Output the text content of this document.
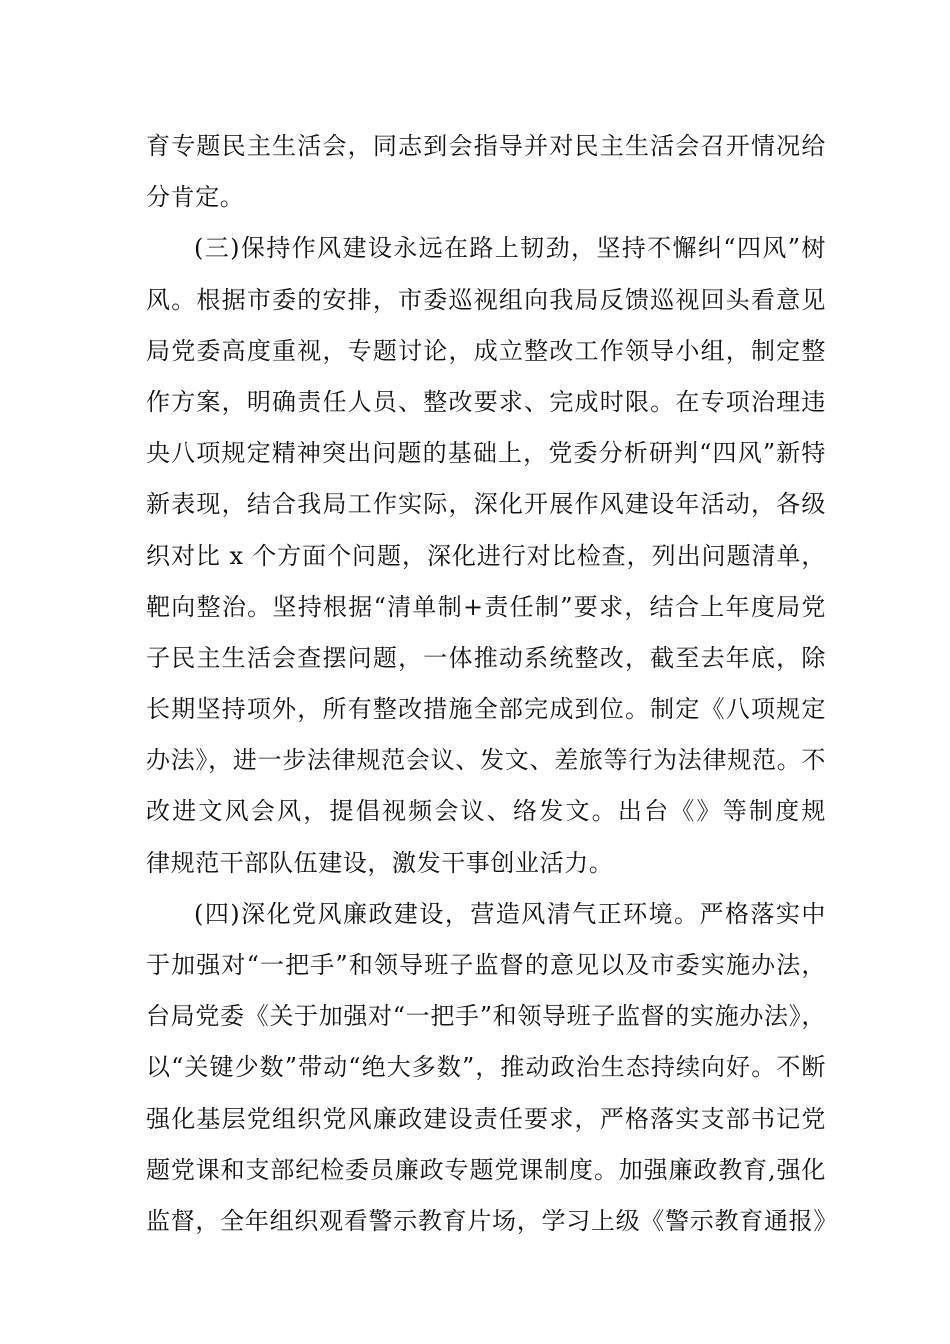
育专题民主生活会，同志到会指导并对民主生活会召开情况给
分肯定。
(三)保持作风建设永远在路上韧劲，坚持不懈纠“四风”树
风。根据市委的安排，市委巡视组向我局反馈巡视回头看意见
局党委高度重视，专题讨论，成立整改工作领导小组，制定整
作方案，明确责任人员、整改要求、完成时限。在专项治理违
央八项规定精神突出问题的基础上，党委分析研判“四风”新特
新表现，结合我局工作实际，深化开展作风建设年活动，各级
织对比 x 个方面个问题，深化进行对比检查，列出问题清单，
靶向整治。坚持根据“清单制+责任制”要求，结合上年度局党
子民主生活会查摆问题，一体推动系统整改，截至去年底，除
长期坚持项外，所有整改措施全部完成到位。制定《八项规定
办法》，进一步法律规范会议、发文、差旅等行为法律规范。不
改进文风会风，提倡视频会议、络发文。出台《》等制度规
律规范干部队伍建设，激发干事创业活力。
(四)深化党风廉政建设，营造风清气正环境。严格落实中
于加强对“一把手”和领导班子监督的意见以及市委实施办法，
台局党委《关于加强对“一把手”和领导班子监督的实施办法》，
以“关键少数”带动“绝大多数”，推动政治生态持续向好。不断
强化基层党组织党风廉政建设责任要求，严格落实支部书记党
题党课和支部纪检委员廉政专题党课制度。加强廉政教育,强化
监督，全年组织观看警示教育片场，学习上级《警示教育通报》
